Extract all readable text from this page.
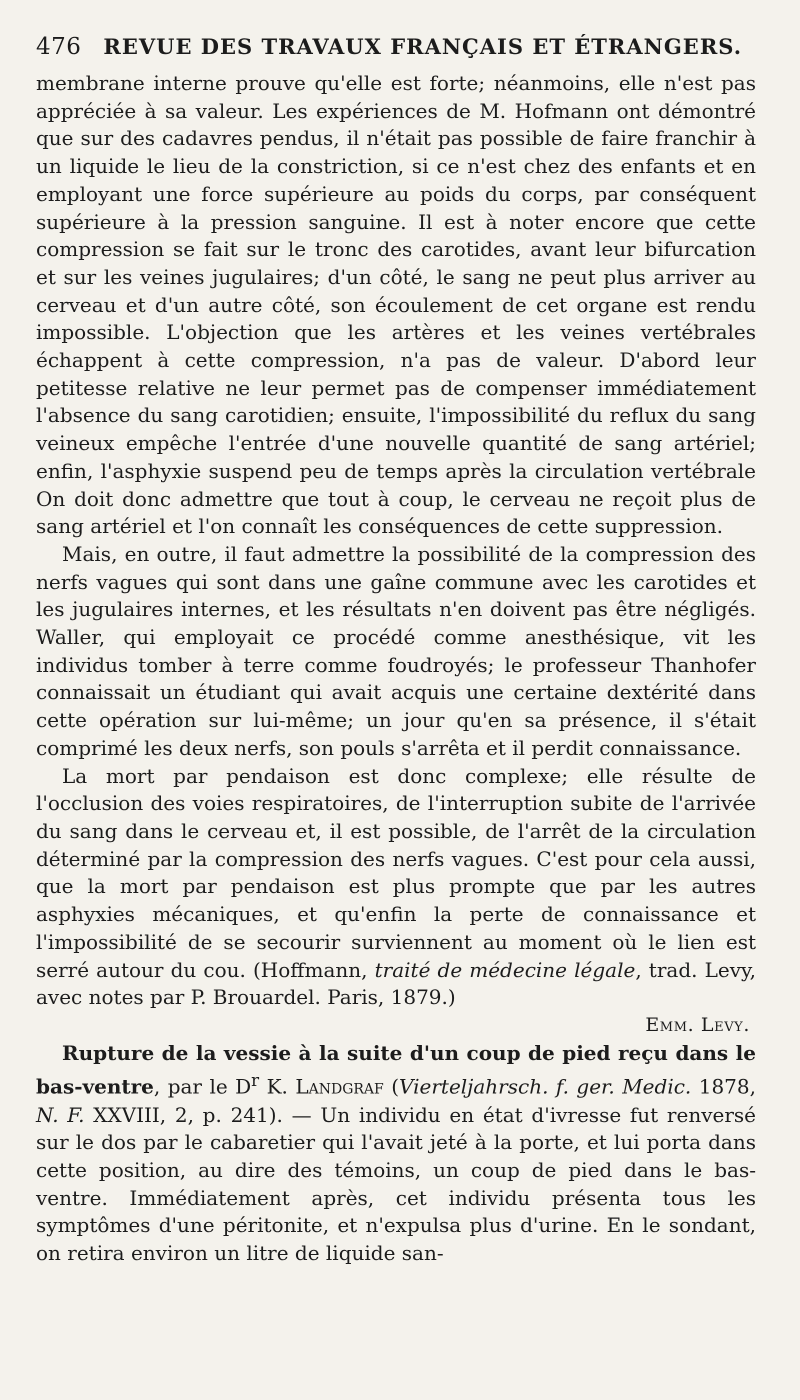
476 REVUE DES TRAVAUX FRANÇAIS ET ÉTRANGERS.

membrane interne prouve qu'elle est forte; néanmoins, elle n'est pas appréciée à sa valeur. Les expériences de M. Hofmann ont démontré que sur des cadavres pendus, il n'était pas possible de faire franchir à un liquide le lieu de la constriction, si ce n'est chez des enfants et en employant une force supérieure au poids du corps, par conséquent supérieure à la pression sanguine. Il est à noter encore que cette compression se fait sur le tronc des carotides, avant leur bifurcation et sur les veines jugulaires; d'un côté, le sang ne peut plus arriver au cerveau et d'un autre côté, son écoulement de cet organe est rendu impossible. L'objection que les artères et les veines vertébrales échappent à cette compression, n'a pas de valeur. D'abord leur petitesse relative ne leur permet pas de compenser immédiatement l'absence du sang carotidien; ensuite, l'impossibilité du reflux du sang veineux empêche l'entrée d'une nouvelle quantité de sang artériel; enfin, l'asphyxie suspend peu de temps après la circulation vertébrale On doit donc admettre que tout à coup, le cerveau ne reçoit plus de sang artériel et l'on connaît les conséquences de cette suppression.

Mais, en outre, il faut admettre la possibilité de la compression des nerfs vagues qui sont dans une gaîne commune avec les carotides et les jugulaires internes, et les résultats n'en doivent pas être négligés. Waller, qui employait ce procédé comme anesthésique, vit les individus tomber à terre comme foudroyés; le professeur Thanhofer connaissait un étudiant qui avait acquis une certaine dextérité dans cette opération sur lui-même; un jour qu'en sa présence, il s'était comprimé les deux nerfs, son pouls s'arrêta et il perdit connaissance.

La mort par pendaison est donc complexe; elle résulte de l'occlusion des voies respiratoires, de l'interruption subite de l'arrivée du sang dans le cerveau et, il est possible, de l'arrêt de la circulation déterminé par la compression des nerfs vagues. C'est pour cela aussi, que la mort par pendaison est plus prompte que par les autres asphyxies mécaniques, et qu'enfin la perte de connaissance et l'impossibilité de se secourir surviennent au moment où le lien est serré autour du cou. (Hoffmann, traité de médecine légale, trad. Levy, avec notes par P. Brouardel. Paris, 1879.)

Emm. Levy.

Rupture de la vessie à la suite d'un coup de pied reçu dans le bas-ventre, par le $D^r$ K. Landgraf (Vierteljahrsch. f. ger. Medic. 1878, N. F. XXVIII, 2, p. 241). — Un individu en état d'ivresse fut renversé sur le dos par le cabaretier qui l'avait jeté à la porte, et lui porta dans cette position, au dire des témoins, un coup de pied dans le bas-ventre. Immédiatement après, cet individu présenta tous les symptômes d'une péritonite, et n'expulsa plus d'urine. En le sondant, on retira environ un litre de liquide san-
